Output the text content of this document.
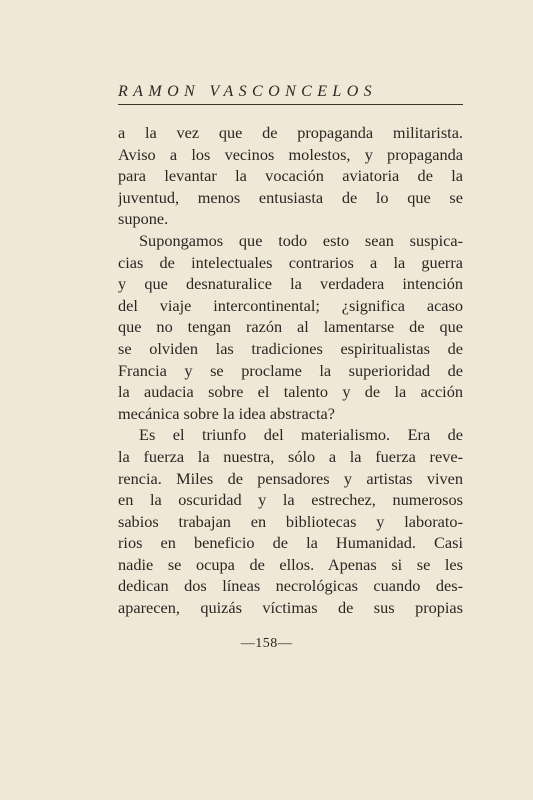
RAMON VASCONCELOS
a la vez que de propaganda militarista.
Aviso a los vecinos molestos, y propaganda
para levantar la vocación aviatoria de la
juventud, menos entusiasta de lo que se
supone.
Supongamos que todo esto sean suspica-
cias de intelectuales contrarios a la guerra
y que desnaturalice la verdadera intención
del viaje intercontinental; ¿significa acaso
que no tengan razón al lamentarse de que
se olviden las tradiciones espiritualistas de
Francia y se proclame la superioridad de
la audacia sobre el talento y de la acción
mecánica sobre la idea abstracta?
Es el triunfo del materialismo. Era de
la fuerza la nuestra, sólo a la fuerza reve-
rencia. Miles de pensadores y artistas viven
en la oscuridad y la estrechez, numerosos
sabios trabajan en bibliotecas y laborato-
rios en beneficio de la Humanidad. Casi
nadie se ocupa de ellos. Apenas si se les
dedican dos líneas necrológicas cuando des-
aparecen, quizás víctimas de sus propias
—158—
